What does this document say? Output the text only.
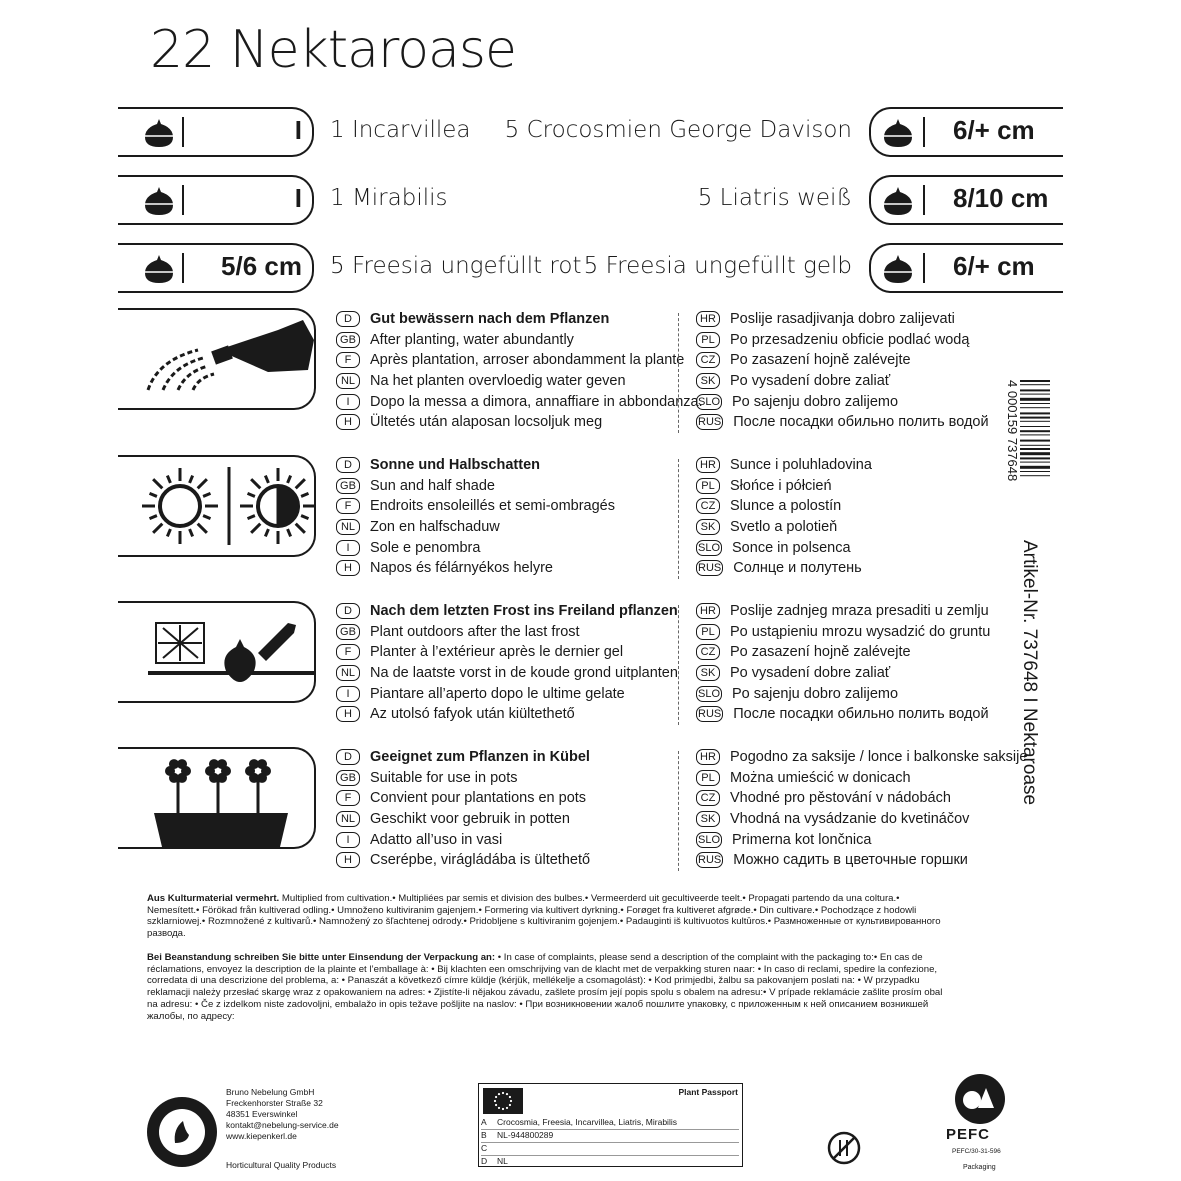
22 Nektaroase
I 1 Incarvillea 5 Crocosmien George Davison	6/+ cm
I 1 Mirabilis	5 Liatris weiß	8/10 cm
5/6 cm 5 Freesia ungefüllt rot 5 Freesia ungefüllt gelb	6/+ cm
D	Gut bewässern nach dem Pflanzen
GB After planting, water abundantly
F	Après plantation, arroser abondamment la plante
NL	Na het planten overvloedig water geven
I	Dopo la messa a dimora, annaffiare in abbondanza.
H	Ültetés után alaposan locsoljuk meg
HR Poslije rasadjivanja dobro zalijevati
PL	Po przesadzeniu obficie podlać wodą
CZ	Po zasazení hojně zalévejte
SK	Po vysadení dobre zaliať
SLO Po sajenju dobro zalijemo
RUS После посадки обильно полить водой
D	Sonne und Halbschatten
GB Sun and half shade
F	Endroits ensoleillés et semi-ombragés
NL	Zon en halfschaduw
I	Sole e penombra
H	Napos és félárnyékos helyre
HR Sunce i poluhladovina
PL	Słońce i półcień
CZ	Slunce a polostín
SK	Svetlo a polotieň
SLO Sonce in polsenca
RUS Солнце и полутень
D	Nach dem letzten Frost ins Freiland pflanzen
GB Plant outdoors after the last frost
F	Planter à l’extérieur après le dernier gel
NL	Na de laatste vorst in de koude grond uitplanten
I	Piantare all’aperto dopo le ultime gelate
H	Az utolsó fafyok után kiültethető
HR Poslije zadnjeg mraza presaditi u zemlju
PL	Po ustąpieniu mrozu wysadzić do gruntu
CZ	Po zasazení hojně zalévejte
SK	Po vysadení dobre zaliať
SLO Po sajenju dobro zalijemo
RUS После посадки обильно полить водой
D	Geeignet zum Pflanzen in Kübel
GB Suitable for use in pots
F	Convient pour plantations en pots
NL	Geschikt voor gebruik in potten
I	Adatto all’uso in vasi
H	Cserépbe, virágládába is ültethető
HR Pogodno za saksije / lonce i balkonske saksije
PL	Można umieścić w donicach
CZ	Vhodné pro pěstování v nádobách
SK	Vhodná na vysádzanie do kvetináčov
SLO Primerna kot lončnica
RUS Можно садить в цветочные горшки
4 000159 737648
Artikel-Nr. 737648 I Nektaroase
Aus Kulturmaterial vermehrt. Multiplied from cultivation.• Multipliées par semis et division des bulbes.• Vermeerderd uit gecultiveerde teelt.• Propagati partendo da una coltura.• Nemesített.• Förökad från kultiverad odling.• Umnoženo kultiviranim gajenjem.• Formering via kultivert dyrkning.• Forøget fra kultiveret afgrøde.• Din cultivare.• Pochodzące z hodowli szklarniowej.• Rozmnožené z kultivarů.• Namnožený zo šľachtenej odrody.• Pridobljene s kultiviranim gojenjem.• Padauginti iš kultivuotos kultūros.• Размноженные от культивированного развода.
Bei Beanstandung schreiben Sie bitte unter Einsendung der Verpackung an: • In case of complaints, please send a description of the complaint with the packaging to:• En cas de réclamations, envoyez la description de la plainte et l’emballage à: • Bij klachten een omschrijving van de klacht met de verpakking sturen naar: • In caso di reclami, spedire la confezione, corredata di una descrizione del problema, a: • Panaszát a következő címre küldje (kérjük, mellékelje a csomagolást): • Kod primjedbi, žalbu sa pakovanjem poslati na: • W przypadku reklamacji należy przesłać skargę wraz z opakowaniem na adres: • Zjistíte-li nějakou závadu, zašlete prosím její popis spolu s obalem na adresu:• V prípade reklamácie zašlite prosím obal na adresu: • Če z izdelkom niste zadovoljni, embalažo in opis težave pošljite na naslov: • При возникновении жалоб пошлите упаковку, с приложенным к ней описанием возникшей жалобы, по адресу:
Bruno Nebelung GmbH
Freckenhorster Straße 32
48351 Everswinkel
kontakt@nebelung-service.de
www.kiepenkerl.de
Horticultural Quality Products
Plant Passport
A	Crocosmia, Freesia, Incarvillea, Liatris, Mirabilis
B	NL-944800289
C
D	NL
PEFC
PEFC/30-31-596
Packaging
